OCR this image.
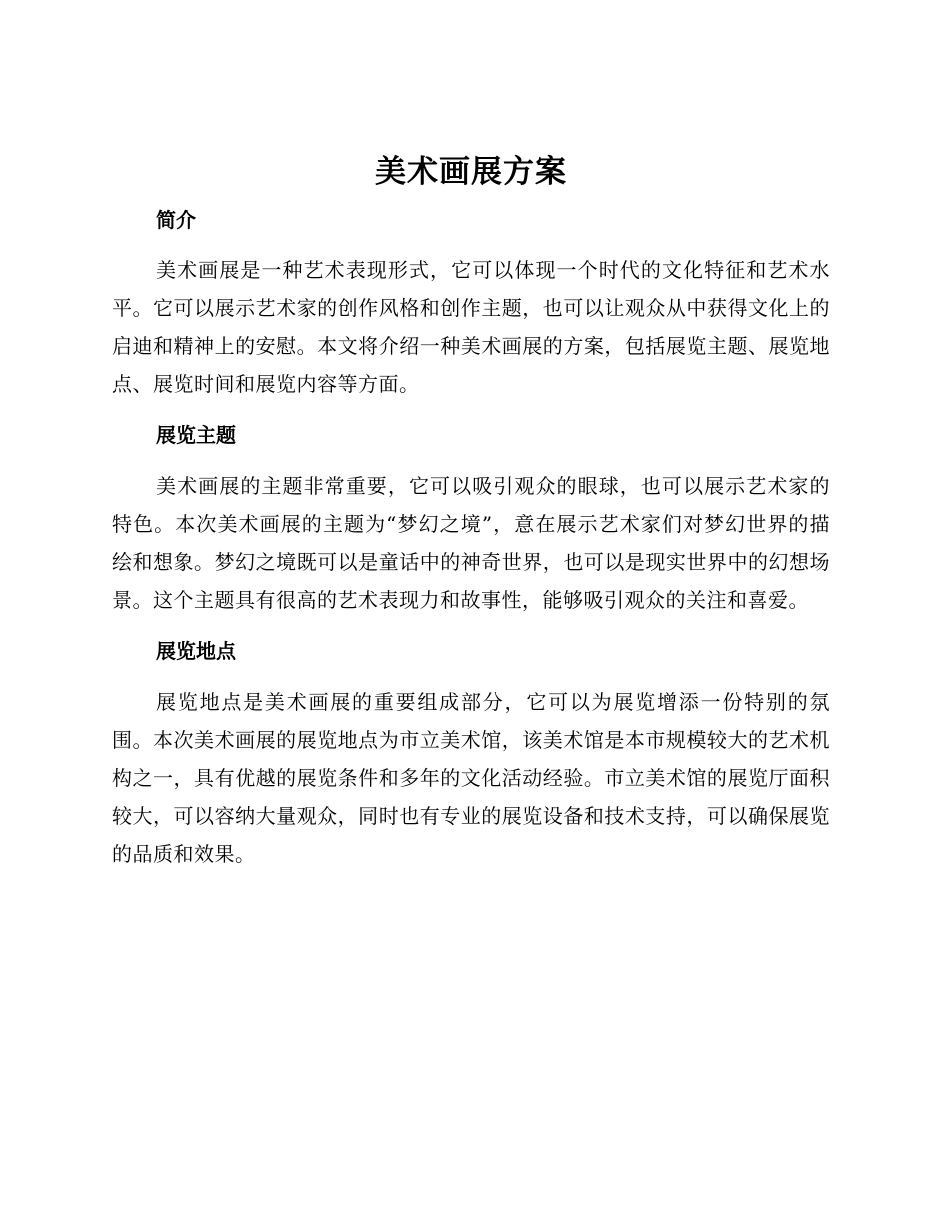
美术画展方案
简介

美术画展是一种艺术表现形式，它可以体现一个时代的文化特征和艺术水平。它可以展示艺术家的创作风格和创作主题，也可以让观众从中获得文化上的启迪和精神上的安慰。本文将介绍一种美术画展的方案，包括展览主题、展览地点、展览时间和展览内容等方面。

展览主题

美术画展的主题非常重要，它可以吸引观众的眼球，也可以展示艺术家的特色。本次美术画展的主题为“梦幻之境”，意在展示艺术家们对梦幻世界的描绘和想象。梦幻之境既可以是童话中的神奇世界，也可以是现实世界中的幻想场景。这个主题具有很高的艺术表现力和故事性，能够吸引观众的关注和喜爱。

展览地点

展览地点是美术画展的重要组成部分，它可以为展览增添一份特别的氛围。本次美术画展的展览地点为市立美术馆，该美术馆是本市规模较大的艺术机构之一，具有优越的展览条件和多年的文化活动经验。市立美术馆的展览厅面积较大，可以容纳大量观众，同时也有专业的展览设备和技术支持，可以确保展览的品质和效果。
